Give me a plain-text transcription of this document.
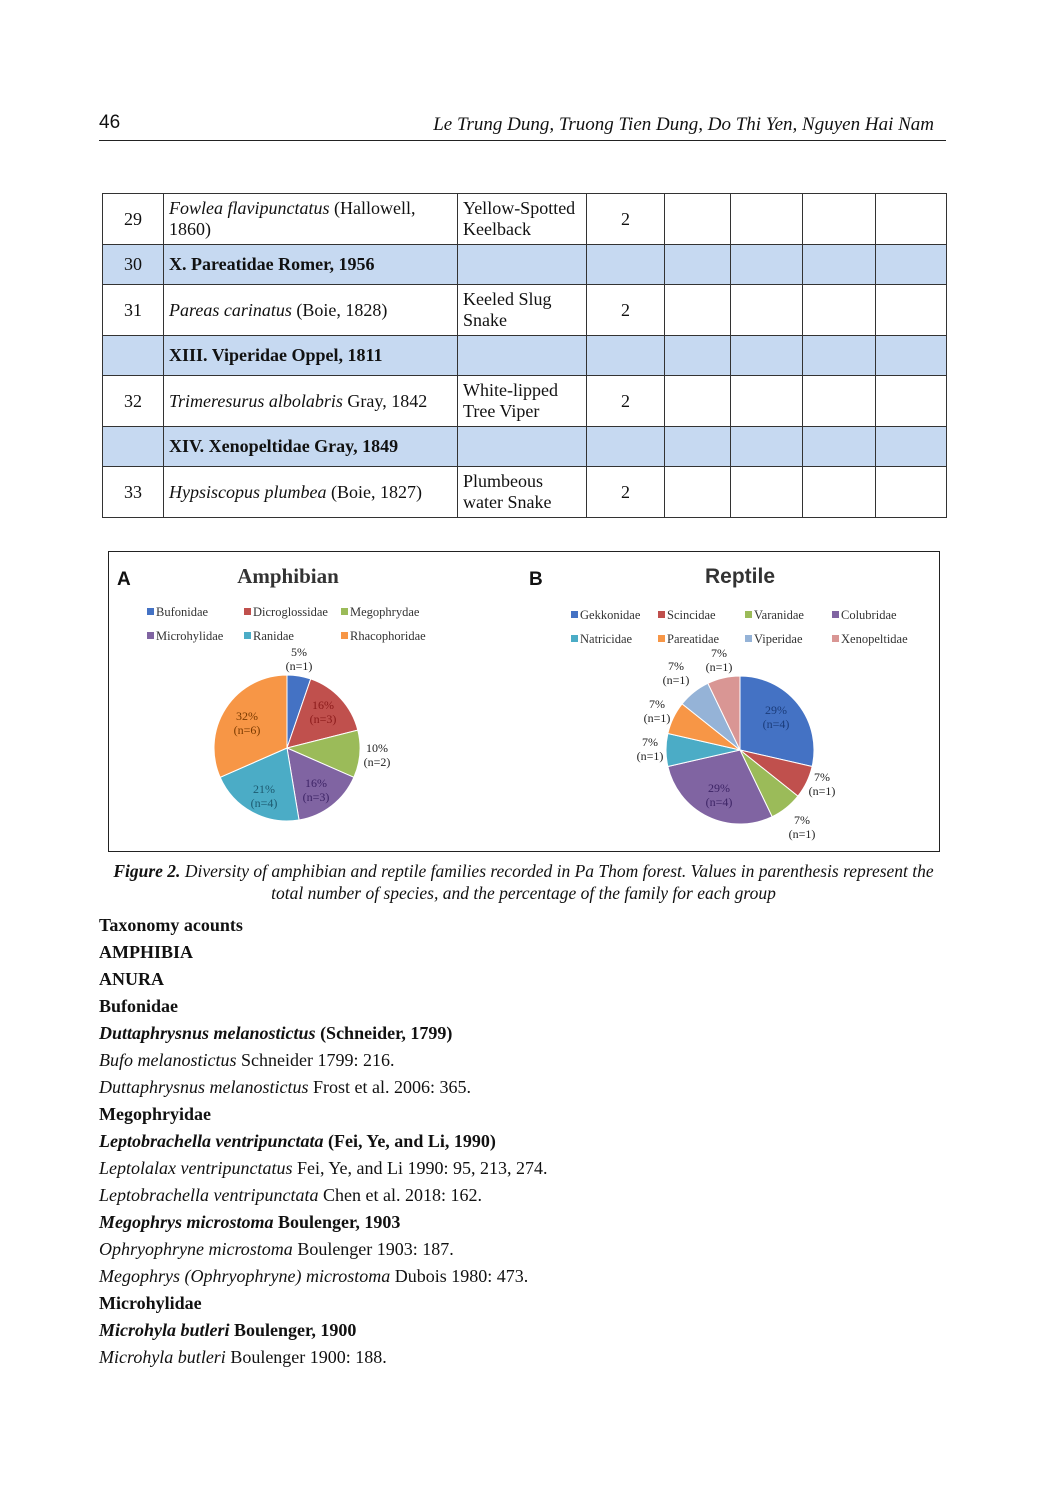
46	Le Trung Dung, Truong Tien Dung, Do Thi Yen, Nguyen Hai Nam
29	Fowlea flavipunctatus (Hallowell, 1860)	Yellow-Spotted Keelback	2				
30	X. Pareatidae Romer, 1956						
31	Pareas carinatus (Boie, 1828)	Keeled Slug Snake	2				
	XIII. Viperidae Oppel, 1811						
32	Trimeresurus albolabris Gray, 1842	White-lipped Tree Viper	2				
	XIV. Xenopeltidae Gray, 1849						
33	Hypsiscopus plumbea (Boie, 1827)	Plumbeous water Snake	2				
A	Amphibian
Bufonidae	Dicroglossidae Megophrydae
Microhylidae Ranidae	Rhacophoridae
5% (n=1)
16% (n=3)
10% (n=2)
16% (n=3)
21% (n=4)
32% (n=6)
B	Reptile
Gekkonidae Scincidae	Varanidae	Colubridae
Natricidae	Pareatidae	Viperidae	Xenopeltidae
29% (n=4)
7% (n=1)
7% (n=1)
29% (n=4)
7% (n=1)
7% (n=1)
7% (n=1)
7% (n=1)
Figure 2. Diversity of amphibian and reptile families recorded in Pa Thom forest. Values in parenthesis represent the total number of species, and the percentage of the family for each group
Taxonomy acounts
AMPHIBIA
ANURA
Bufonidae
Duttaphrysnus melanostictus (Schneider, 1799)
Bufo melanostictus Schneider 1799: 216.
Duttaphrysnus melanostictus Frost et al. 2006: 365.
Megophryidae
Leptobrachella ventripunctata (Fei, Ye, and Li, 1990)
Leptolalax ventripunctatus Fei, Ye, and Li 1990: 95, 213, 274.
Leptobrachella ventripunctata Chen et al. 2018: 162.
Megophrys microstoma Boulenger, 1903
Ophryophryne microstoma Boulenger 1903: 187.
Megophrys (Ophryophryne) microstoma Dubois 1980: 473.
Microhylidae
Microhyla butleri Boulenger, 1900
Microhyla butleri Boulenger 1900: 188.
